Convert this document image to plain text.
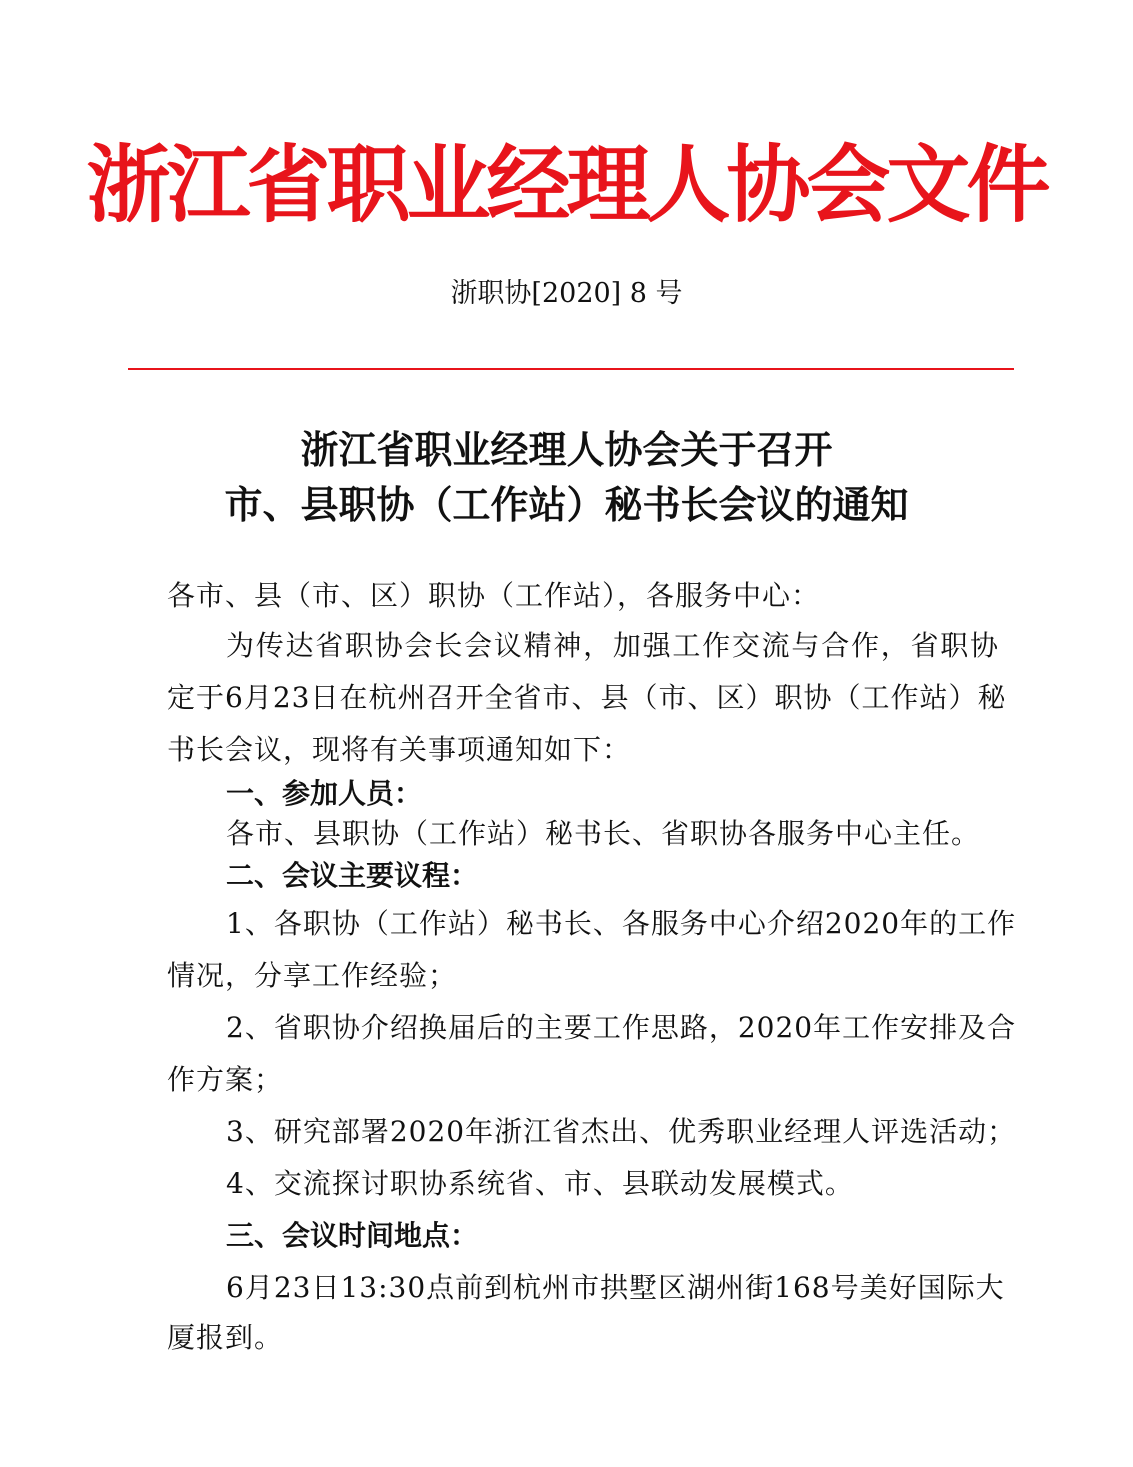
浙江省职业经理人协会文件
浙职协[2020] 8 号
浙江省职业经理人协会关于召开
市、县职协（工作站）秘书长会议的通知
各市、县（市、区）职协（工作站），各服务中心：
为传达省职协会长会议精神，加强工作交流与合作，省职协
定于6月23日在杭州召开全省市、县（市、区）职协（工作站）秘
书长会议，现将有关事项通知如下：
一、参加人员：
各市、县职协（工作站）秘书长、省职协各服务中心主任。
二、会议主要议程：
1、各职协（工作站）秘书长、各服务中心介绍2020年的工作
情况，分享工作经验；
2、省职协介绍换届后的主要工作思路，2020年工作安排及合
作方案；
3、研究部署2020年浙江省杰出、优秀职业经理人评选活动；
4、交流探讨职协系统省、市、县联动发展模式。
三、会议时间地点：
6月23日13:30点前到杭州市拱墅区湖州街168号美好国际大
厦报到。
